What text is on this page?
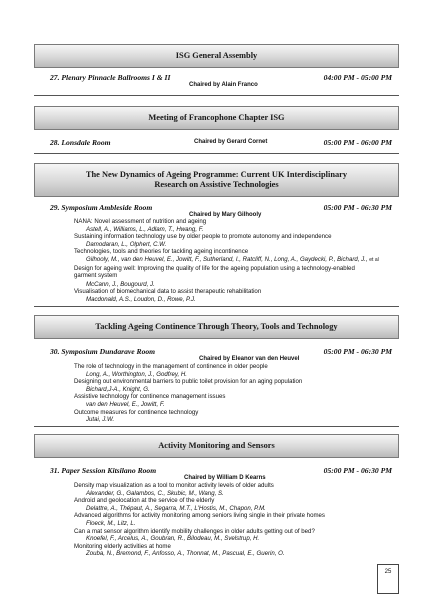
ISG General Assembly
27. Plenary Pinnacle Ballrooms I & II
Chaired by Alain Franco
04:00 PM - 05:00 PM
Meeting of Francophone Chapter ISG
28. Lonsdale Room	Chaired by Gerard Cornet	05:00 PM - 06:00 PM
The New Dynamics of Ageing Programme: Current UK Interdisciplinary
Research on Assistive Technologies
29. Symposium Ambleside Room
Chaired by Mary Gilhooly
05:00 PM - 06:30 PM
NANA: Novel assessment of nutrition and ageing
Astell, A., Williams, L., Adlam, T., Hwang, F.
Sustaining information technology use by older people to promote autonomy and independence
Damodaran, L., Olphert, C.W.
Technologies, tools and theories for tackling ageing incontinence
Gilhooly, M., van den Heuvel, E., Jowitt, F., Sutherland, I., Ratcliff, N., Long, A., Gaydecki, P., Bichard, J., et al
Design for ageing well: Improving the quality of life for the ageing population using a technology-enabled
garment system
McCann, J., Bougourd, J.
Visualisation of biomechanical data to assist therapeutic rehabilitation
Macdonald, A.S., Loudon, D., Rowe, P.J.
Tackling Ageing Continence Through Theory, Tools and Technology
30. Symposium Dundarave Room
Chaired by Eleanor van den Heuvel
05:00 PM - 06:30 PM
The role of technology in the management of continence in older people
Long, A., Worthington, J., Godfrey, H.
Designing out environmental barriers to public toilet provision for an aging population
Bichard,J-A., Knight, G.
Assistive technology for continence management issues
van den Heuvel, E., Jowitt, F.
Outcome measures for continence technology
Jutai, J.W.
Activity Monitoring and Sensors
31. Paper Session Kitsilano Room
Chaired by William D Kearns
05:00 PM - 06:30 PM
Density map visualization as a tool to monitor activity levels of older adults
Alexander, G., Galambos, C., Skubic, M., Wang, S.
Android and geolocation at the service of the elderly
Delattre, A., Thépaut, A., Segarra, M.T., L'Hostis, M., Chapon, P.M.
Advanced algorithms for activity monitoring among seniors living single in their private homes
Floeck, M., Litz, L.
Can a mat sensor algorithm identify mobility challenges in older adults getting out of bed?
Knoefel, F., Arcelus, A., Goubran, R., Bilodeau, M., Svelstrup, H.
Monitoring elderly activities at home
Zouba, N., Bremond, F., Anfosso, A., Thonnat, M., Pascual, E., Guerin, O.
25
